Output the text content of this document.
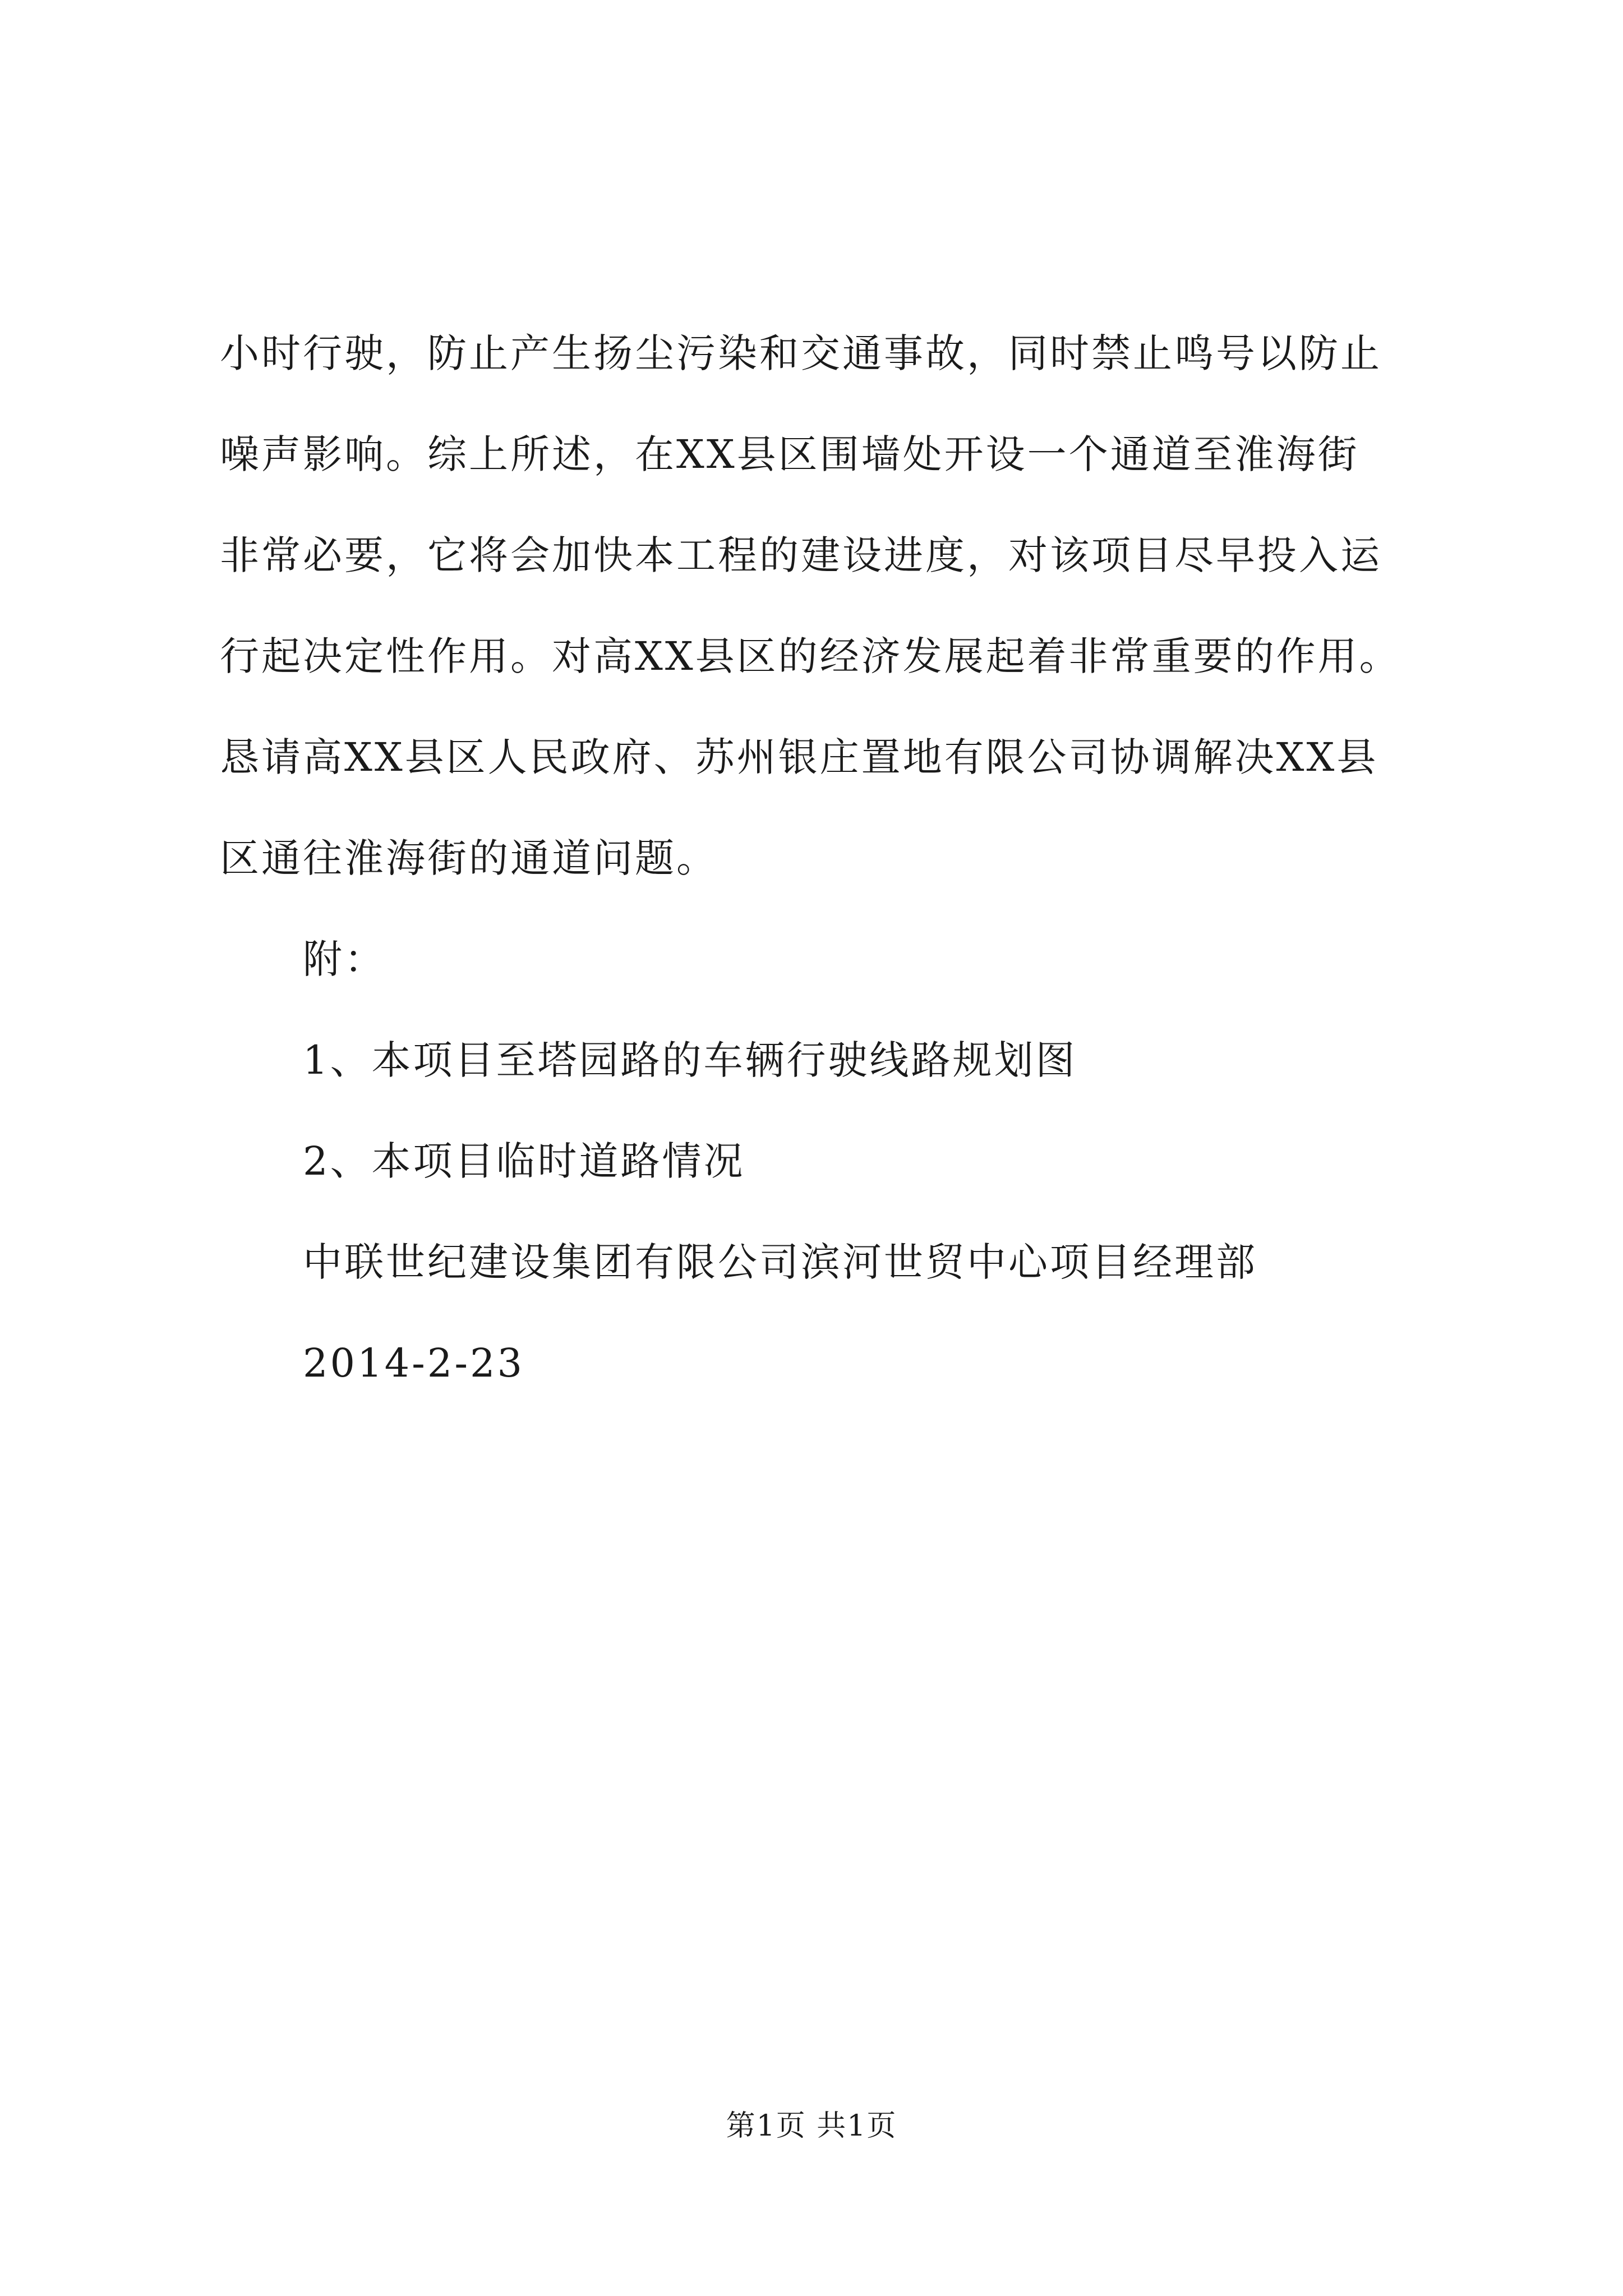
小时行驶，防止产生扬尘污染和交通事故，同时禁止鸣号以防止
噪声影响。综上所述，在XX县区围墙处开设一个通道至淮海街
非常必要，它将会加快本工程的建设进度，对该项目尽早投入运
行起决定性作用。对高XX县区的经济发展起着非常重要的作用。
恳请高XX县区人民政府、苏州银庄置地有限公司协调解决XX县
区通往淮海街的通道问题。
附：
1、本项目至塔园路的车辆行驶线路规划图
2、本项目临时道路情况
中联世纪建设集团有限公司滨河世贸中心项目经理部
2014-2-23
第1页 共1页
